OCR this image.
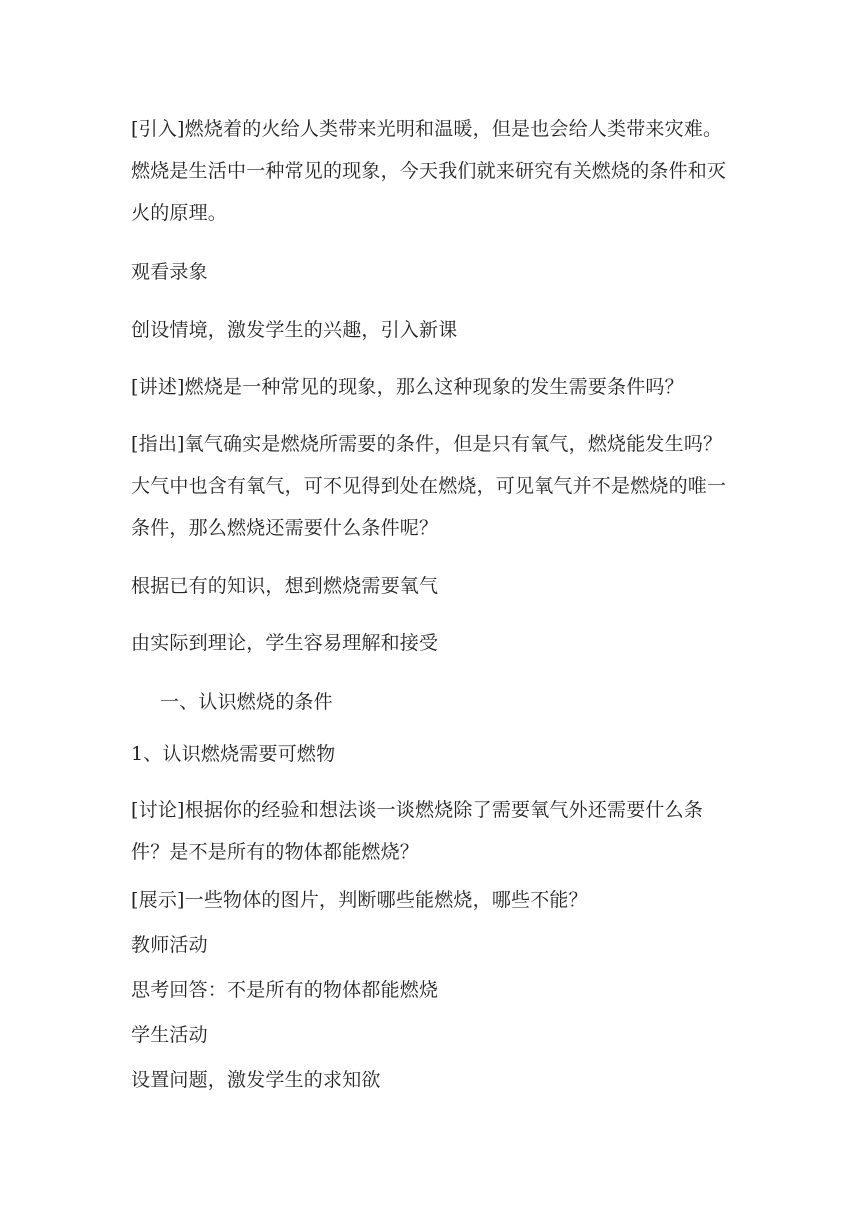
[引入]燃烧着的火给人类带来光明和温暖，但是也会给人类带来灾难。燃烧是生活中一种常见的现象，今天我们就来研究有关燃烧的条件和灭火的原理。

观看录象

创设情境，激发学生的兴趣，引入新课

[讲述]燃烧是一种常见的现象，那么这种现象的发生需要条件吗？

[指出]氧气确实是燃烧所需要的条件，但是只有氧气，燃烧能发生吗？大气中也含有氧气，可不见得到处在燃烧，可见氧气并不是燃烧的唯一条件，那么燃烧还需要什么条件呢？

根据已有的知识，想到燃烧需要氧气

由实际到理论，学生容易理解和接受

一、认识燃烧的条件

1、认识燃烧需要可燃物

[讨论]根据你的经验和想法谈一谈燃烧除了需要氧气外还需要什么条件？是不是所有的物体都能燃烧？

[展示]一些物体的图片，判断哪些能燃烧，哪些不能？

教师活动

思考回答：不是所有的物体都能燃烧

学生活动

设置问题，激发学生的求知欲
